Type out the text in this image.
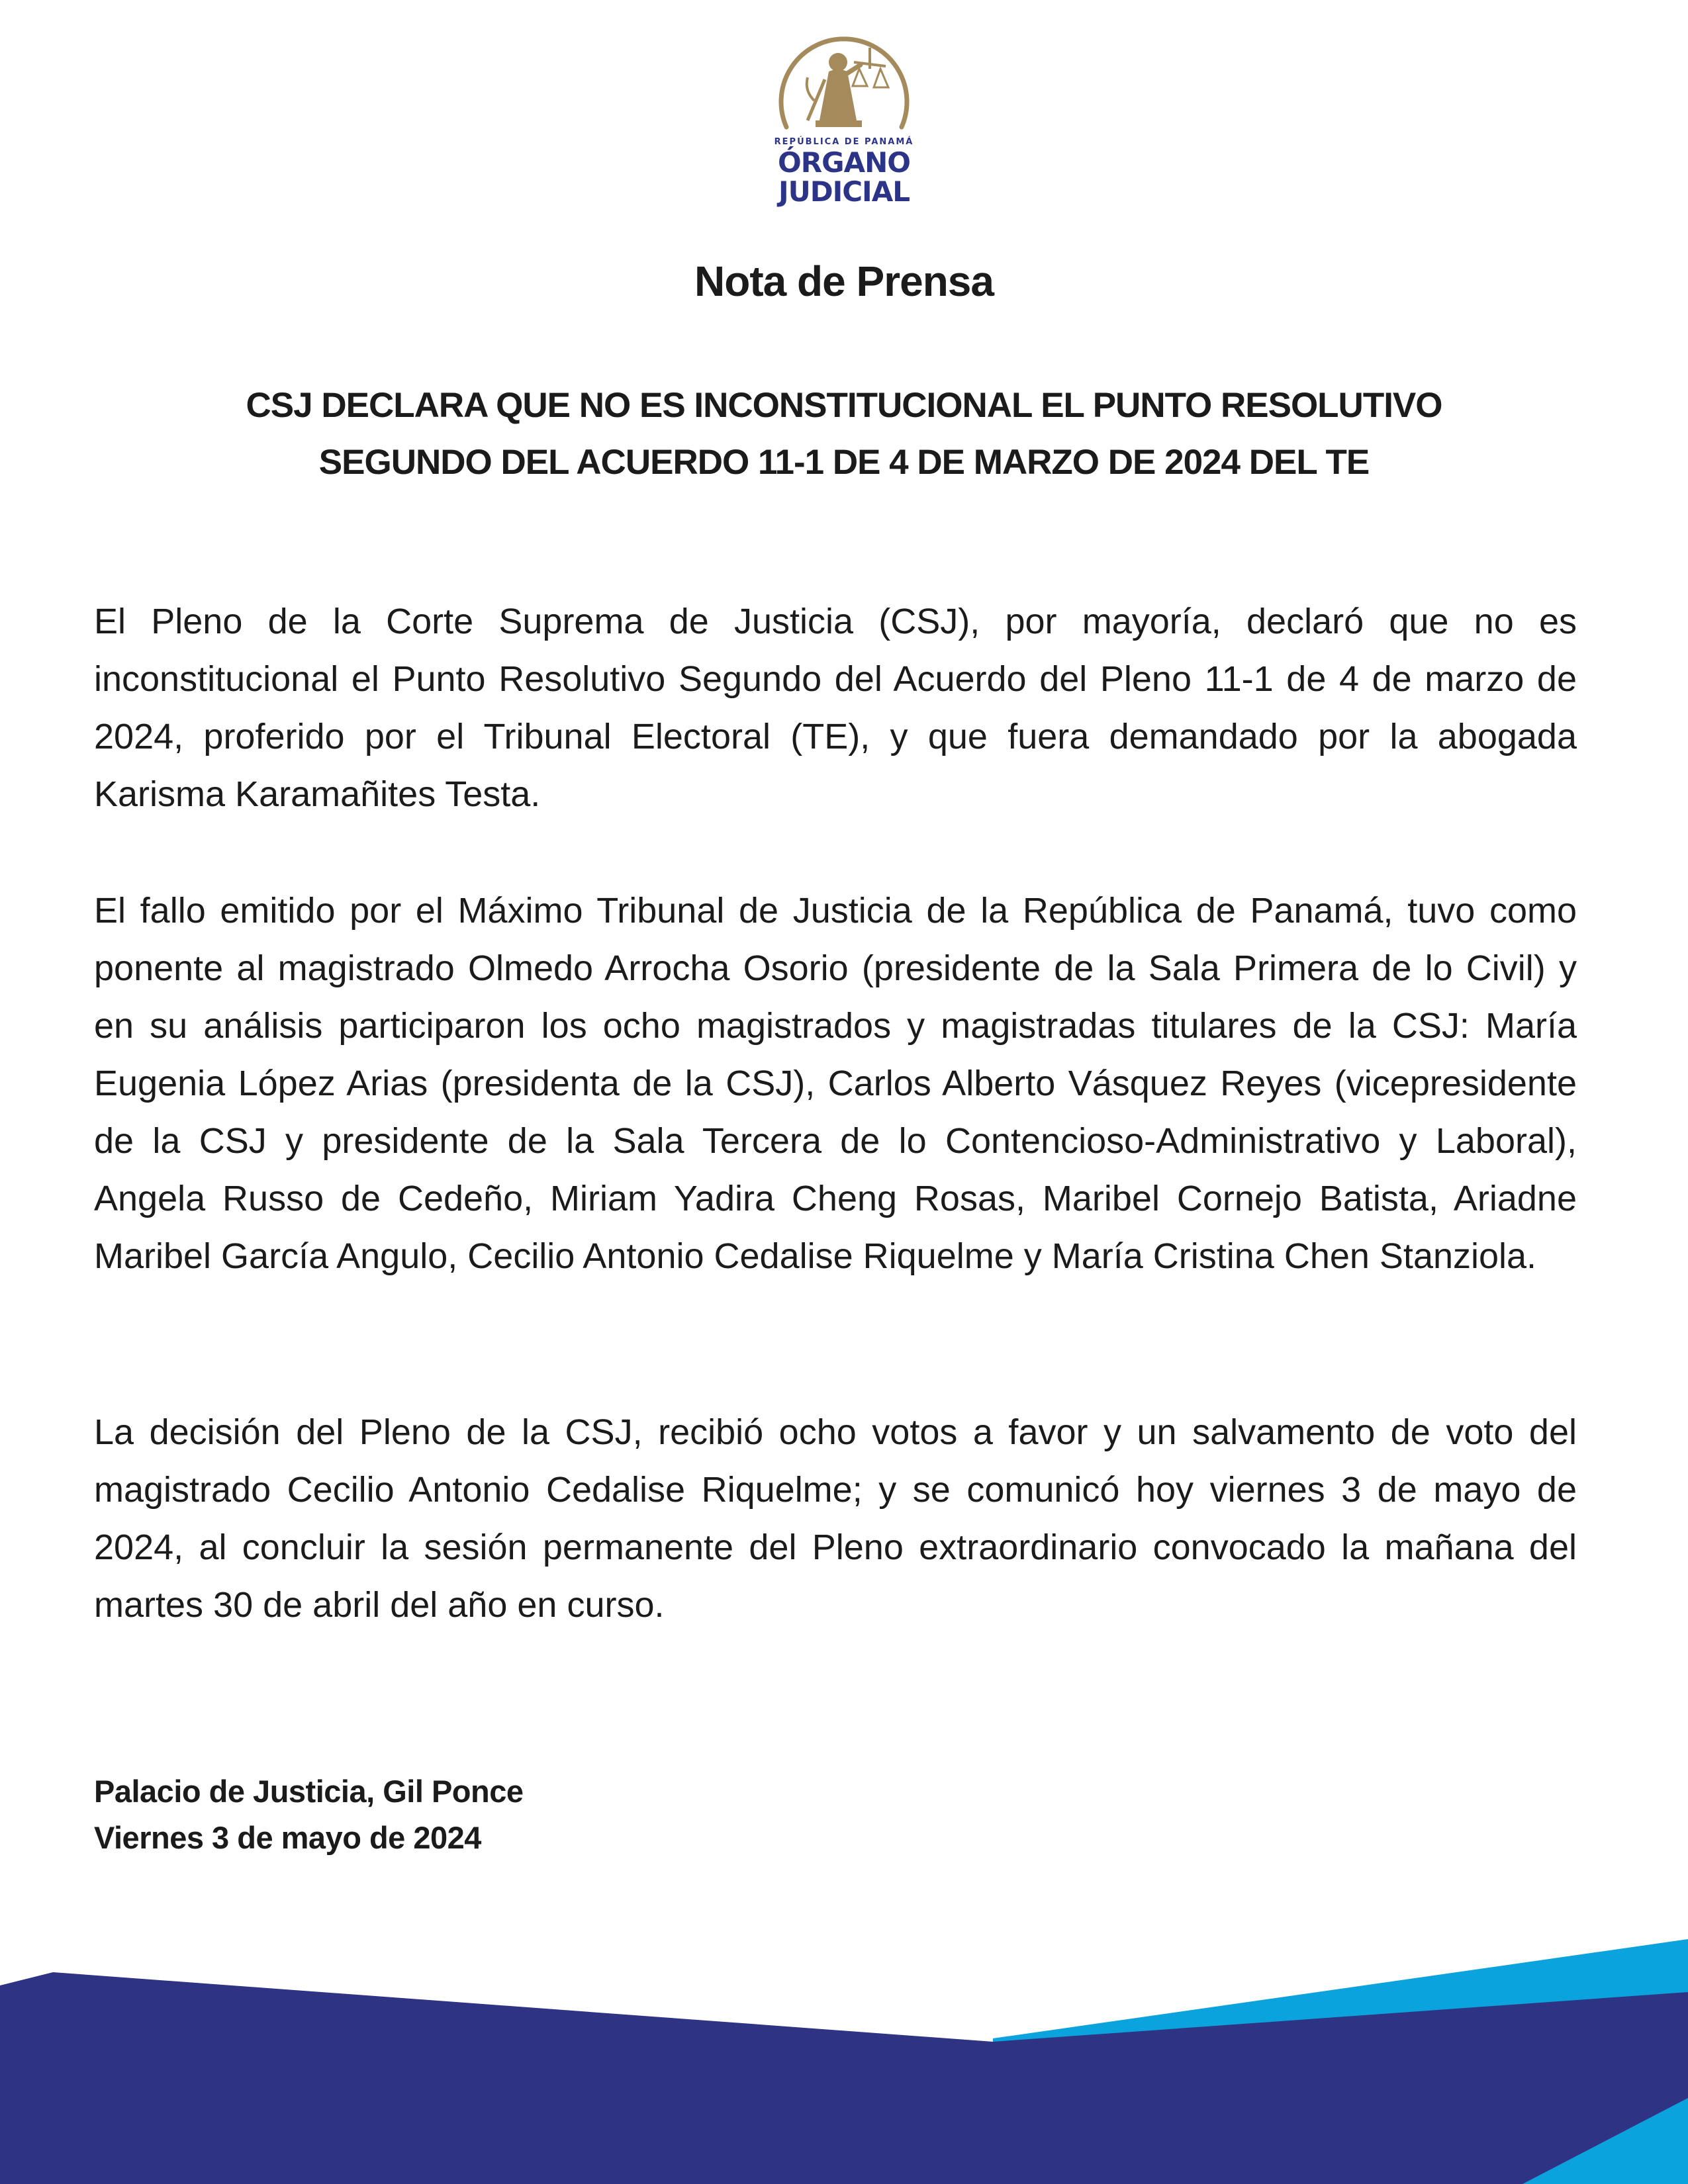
REPÚBLICA DE PANAMÁ
ÓRGANO
JUDICIAL
Nota de Prensa
CSJ DECLARA QUE NO ES INCONSTITUCIONAL EL PUNTO RESOLUTIVO
SEGUNDO DEL ACUERDO 11-1 DE 4 DE MARZO DE 2024 DEL TE

El Pleno de la Corte Suprema de Justicia (CSJ), por mayoría, declaró que no es inconstitucional el Punto Resolutivo Segundo del Acuerdo del Pleno 11-1 de 4 de marzo de 2024, proferido por el Tribunal Electoral (TE), y que fuera demandado por la abogada Karisma Karamañites Testa.

El fallo emitido por el Máximo Tribunal de Justicia de la República de Panamá, tuvo como ponente al magistrado Olmedo Arrocha Osorio (presidente de la Sala Primera de lo Civil) y en su análisis participaron los ocho magistrados y magistradas titulares de la CSJ: María Eugenia López Arias (presidenta de la CSJ), Carlos Alberto Vásquez Reyes (vicepresidente de la CSJ y presidente de la Sala Tercera de lo Contencioso-Administrativo y Laboral), Angela Russo de Cedeño, Miriam Yadira Cheng Rosas, Maribel Cornejo Batista, Ariadne Maribel García Angulo, Cecilio Antonio Cedalise Riquelme y María Cristina Chen Stanziola.

La decisión del Pleno de la CSJ, recibió ocho votos a favor y un salvamento de voto del magistrado Cecilio Antonio Cedalise Riquelme; y se comunicó hoy viernes 3 de mayo de 2024, al concluir la sesión permanente del Pleno extraordinario convocado la mañana del martes 30 de abril del año en curso.

Palacio de Justicia, Gil Ponce
Viernes 3 de mayo de 2024
